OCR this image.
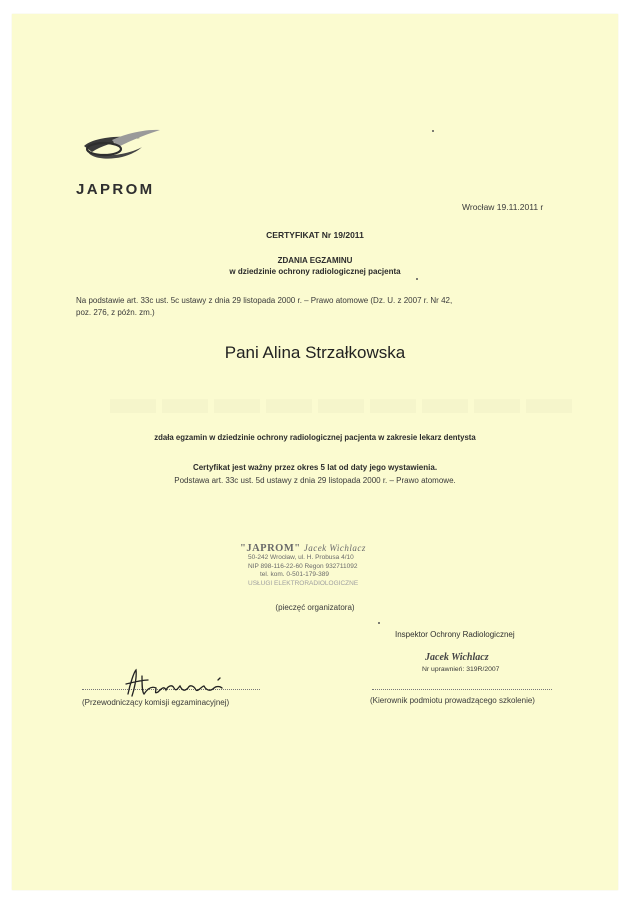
JAPROM
Wrocław 19.11.2011 r
CERTYFIKAT Nr 19/2011
ZDANIA EGZAMINU
w dziedzinie ochrony radiologicznej pacjenta
Na podstawie art. 33c ust. 5c ustawy z dnia 29 listopada 2000 r. – Prawo atomowe (Dz. U. z 2007 r. Nr 42,
poz. 276, z późn. zm.)
Pani Alina Strzałkowska
▬▬▬▬▬▬▬▬▬
zdała egzamin w dziedzinie ochrony radiologicznej pacjenta w zakresie lekarz dentysta
Certyfikat jest ważny przez okres 5 lat od daty jego wystawienia.
Podstawa art. 33c ust. 5d ustawy z dnia 29 listopada 2000 r. – Prawo atomowe.
"JAPROM" Jacek Wichlacz
50-242 Wrocław, ul. H. Probusa 4/10
NIP 898-116-22-60 Regon 932711092
tel. kom. 0-501-179-389
USŁUGI ELEKTRORADIOLOGICZNE
(pieczęć organizatora)
Inspektor Ochrony Radiologicznej
Jacek Wichlacz
Nr uprawnień: 319R/2007
(Przewodniczący komisji egzaminacyjnej)	(Kierownik podmiotu prowadzącego szkolenie)
